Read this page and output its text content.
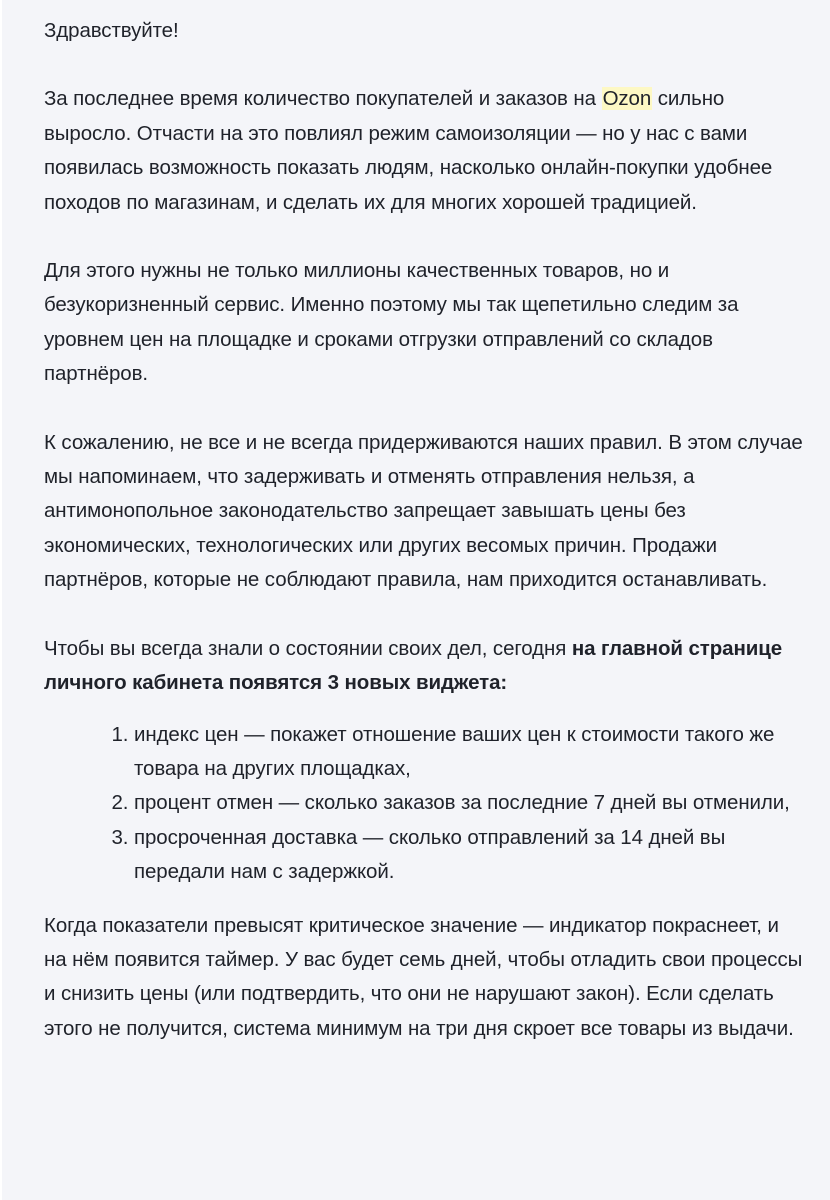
Здравствуйте!

За последнее время количество покупателей и заказов на Ozon сильно выросло. Отчасти на это повлиял режим самоизоляции — но у нас с вами появилась возможность показать людям, насколько онлайн-покупки удобнее походов по магазинам, и сделать их для многих хорошей традицией.

Для этого нужны не только миллионы качественных товаров, но и безукоризненный сервис. Именно поэтому мы так щепетильно следим за уровнем цен на площадке и сроками отгрузки отправлений со складов партнёров.

К сожалению, не все и не всегда придерживаются наших правил. В этом случае мы напоминаем, что задерживать и отменять отправления нельзя, а антимонопольное законодательство запрещает завышать цены без экономических, технологических или других весомых причин. Продажи партнёров, которые не соблюдают правила, нам приходится останавливать.

Чтобы вы всегда знали о состоянии своих дел, сегодня на главной странице личного кабинета появятся 3 новых виджета:

1. индекс цен — покажет отношение ваших цен к стоимости такого же товара на других площадках,
2. процент отмен — сколько заказов за последние 7 дней вы отменили,
3. просроченная доставка — сколько отправлений за 14 дней вы передали нам с задержкой.

Когда показатели превысят критическое значение — индикатор покраснеет, и на нём появится таймер. У вас будет семь дней, чтобы отладить свои процессы и снизить цены (или подтвердить, что они не нарушают закон). Если сделать этого не получится, система минимум на три дня скроет все товары из выдачи.
